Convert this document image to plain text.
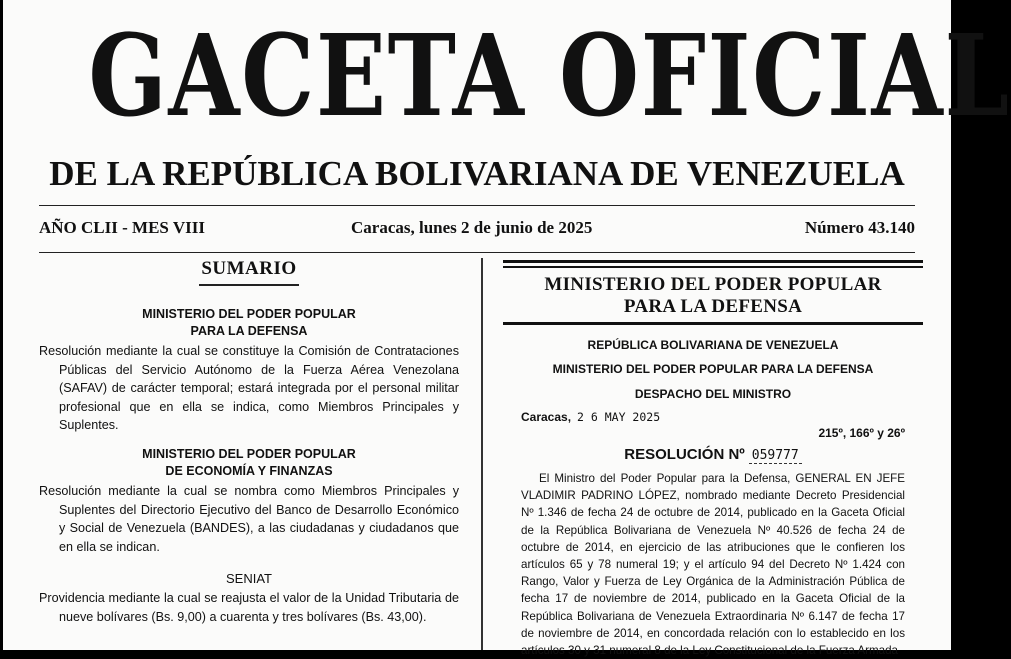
GACETA OFICIAL
DE LA REPÚBLICA BOLIVARIANA DE VENEZUELA
AÑO CLII - MES VIII	Caracas, lunes 2 de junio de 2025	Número 43.140
SUMARIO
MINISTERIO DEL PODER POPULAR
PARA LA DEFENSA
Resolución mediante la cual se constituye la Comisión de Contrataciones Públicas del Servicio Autónomo de la Fuerza Aérea Venezolana (SAFAV) de carácter temporal; estará integrada por el personal militar profesional que en ella se indica, como Miembros Principales y Suplentes.
MINISTERIO DEL PODER POPULAR
DE ECONOMÍA Y FINANZAS
Resolución mediante la cual se nombra como Miembros Principales y Suplentes del Directorio Ejecutivo del Banco de Desarrollo Económico y Social de Venezuela (BANDES), a las ciudadanas y ciudadanos que en ella se indican.
SENIAT
Providencia mediante la cual se reajusta el valor de la Unidad Tributaria de nueve bolívares (Bs. 9,00) a cuarenta y tres bolívares (Bs. 43,00).
MINISTERIO DEL PODER POPULAR
PARA LA DEFENSA
REPÚBLICA BOLIVARIANA DE VENEZUELA
MINISTERIO DEL PODER POPULAR PARA LA DEFENSA
DESPACHO DEL MINISTRO
Caracas, 2 6 MAY 2025
215º, 166º y 26º
RESOLUCIÓN Nº 059777
El Ministro del Poder Popular para la Defensa, GENERAL EN JEFE VLADIMIR PADRINO LÓPEZ, nombrado mediante Decreto Presidencial Nº 1.346 de fecha 24 de octubre de 2014, publicado en la Gaceta Oficial de la República Bolivariana de Venezuela Nº 40.526 de fecha 24 de octubre de 2014, en ejercicio de las atribuciones que le confieren los artículos 65 y 78 numeral 19; y el artículo 94 del Decreto Nº 1.424 con Rango, Valor y Fuerza de Ley Orgánica de la Administración Pública de fecha 17 de noviembre de 2014, publicado en la Gaceta Oficial de la República Bolivariana de Venezuela Extraordinaria Nº 6.147 de fecha 17 de noviembre de 2014, en concordada relación con lo establecido en los artículos 30 y 31 numeral 8 de la Ley Constitucional de la Fuerza Armada
